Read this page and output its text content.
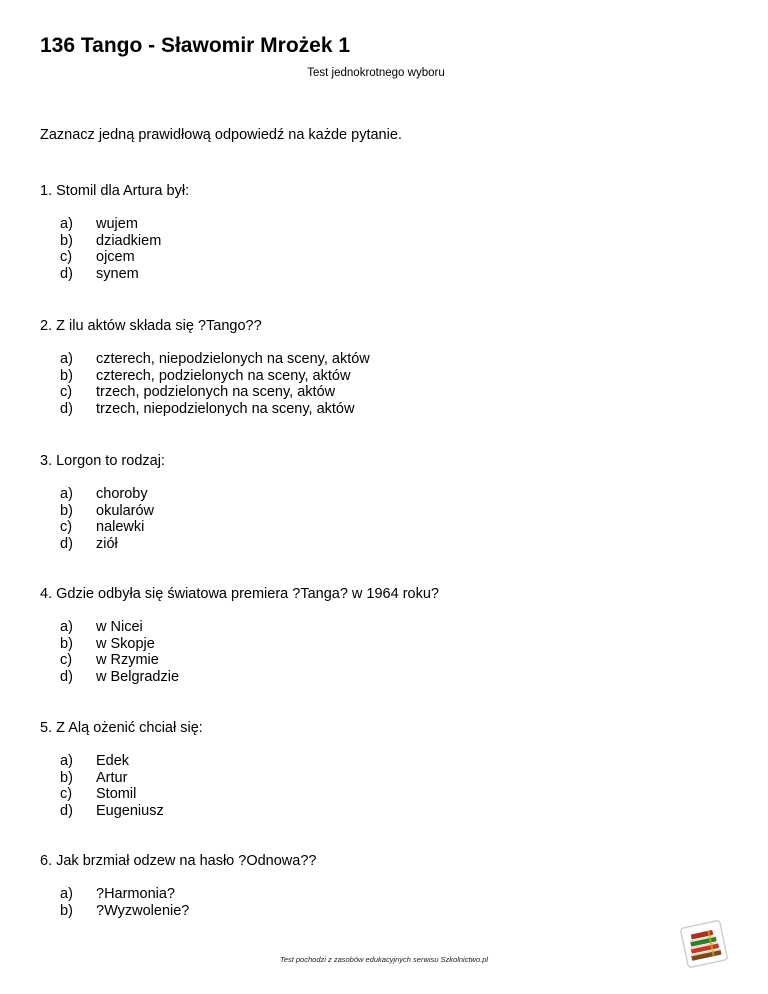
136 Tango - Sławomir Mrożek 1
Test jednokrotnego wyboru
Zaznacz jedną prawidłową odpowiedź na każde pytanie.
1. Stomil dla Artura był:
a)	wujem
b)	dziadkiem
c)	ojcem
d)	synem
2. Z ilu aktów składa się ?Tango??
a)	czterech, niepodzielonych na sceny, aktów
b)	czterech, podzielonych na sceny, aktów
c)	trzech, podzielonych na sceny, aktów
d)	trzech, niepodzielonych na sceny, aktów
3. Lorgon to rodzaj:
a)	choroby
b)	okularów
c)	nalewki
d)	ziół
4. Gdzie odbyła się światowa premiera ?Tanga? w 1964 roku?
a)	w Nicei
b)	w Skopje
c)	w Rzymie
d)	w Belgradzie
5. Z Alą ożenić chciał się:
a)	Edek
b)	Artur
c)	Stomil
d)	Eugeniusz
6. Jak brzmiał odzew na hasło ?Odnowa??
a)	?Harmonia?
b)	?Wyzwolenie?
Test pochodzi z zasobów edukacyjnych serwisu Szkolnictwo.pl
